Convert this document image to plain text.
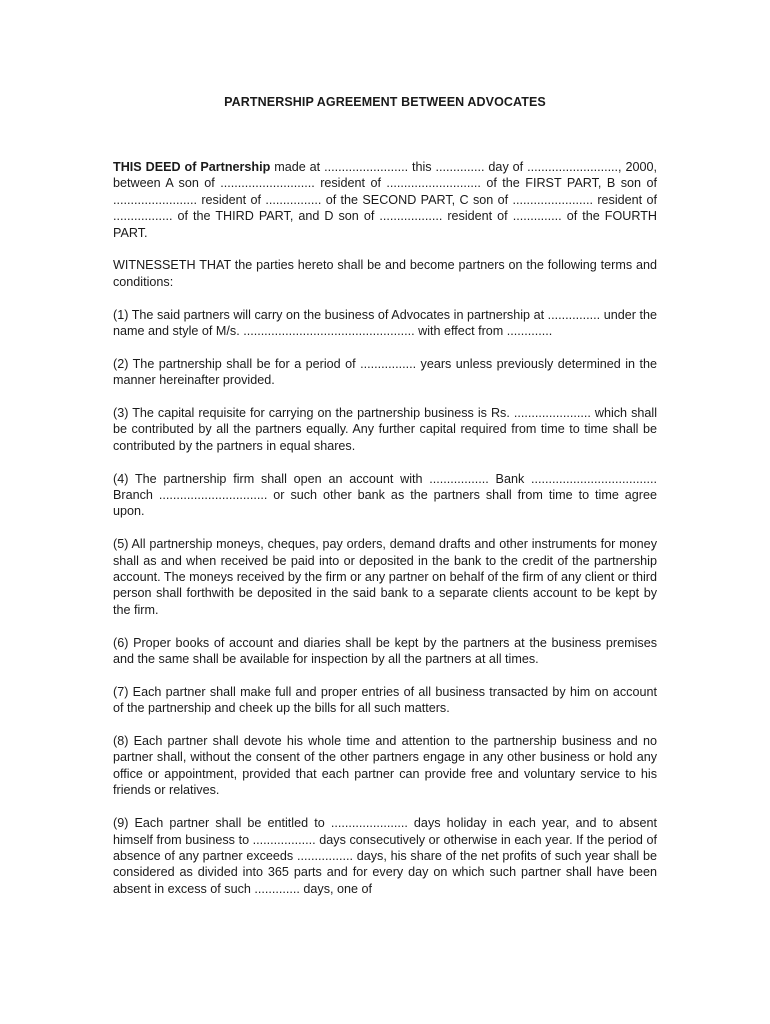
PARTNERSHIP AGREEMENT BETWEEN ADVOCATES

THIS DEED of Partnership made at ........................ this .............. day of .........................., 2000, between A son of ........................... resident of ........................... of the FIRST PART, B son of ........................ resident of ................ of the SECOND PART, C son of ....................... resident of ................. of the THIRD PART, and D son of .................. resident of .............. of the FOURTH PART.

WITNESSETH THAT the parties hereto shall be and become partners on the following terms and conditions:

(1) The said partners will carry on the business of Advocates in partnership at ............... under the name and style of M/s. ................................................. with effect from .............

(2) The partnership shall be for a period of ................ years unless previously determined in the manner hereinafter provided.

(3) The capital requisite for carrying on the partnership business is Rs. ...................... which shall be contributed by all the partners equally. Any further capital required from time to time shall be contributed by the partners in equal shares.

(4) The partnership firm shall open an account with ................. Bank .................................... Branch ............................... or such other bank as the partners shall from time to time agree upon.

(5) All partnership moneys, cheques, pay orders, demand drafts and other instruments for money shall as and when received be paid into or deposited in the bank to the credit of the partnership account. The moneys received by the firm or any partner on behalf of the firm of any client or third person shall forthwith be deposited in the said bank to a separate clients account to be kept by the firm.

(6) Proper books of account and diaries shall be kept by the partners at the business premises and the same shall be available for inspection by all the partners at all times.

(7) Each partner shall make full and proper entries of all business transacted by him on account of the partnership and cheek up the bills for all such matters.

(8) Each partner shall devote his whole time and attention to the partnership business and no partner shall, without the consent of the other partners engage in any other business or hold any office or appointment, provided that each partner can provide free and voluntary service to his friends or relatives.

(9) Each partner shall be entitled to ...................... days holiday in each year, and to absent himself from business to .................. days consecutively or otherwise in each year. If the period of absence of any partner exceeds ................ days, his share of the net profits of such year shall be considered as divided into 365 parts and for every day on which such partner shall have been absent in excess of such ............. days, one of
